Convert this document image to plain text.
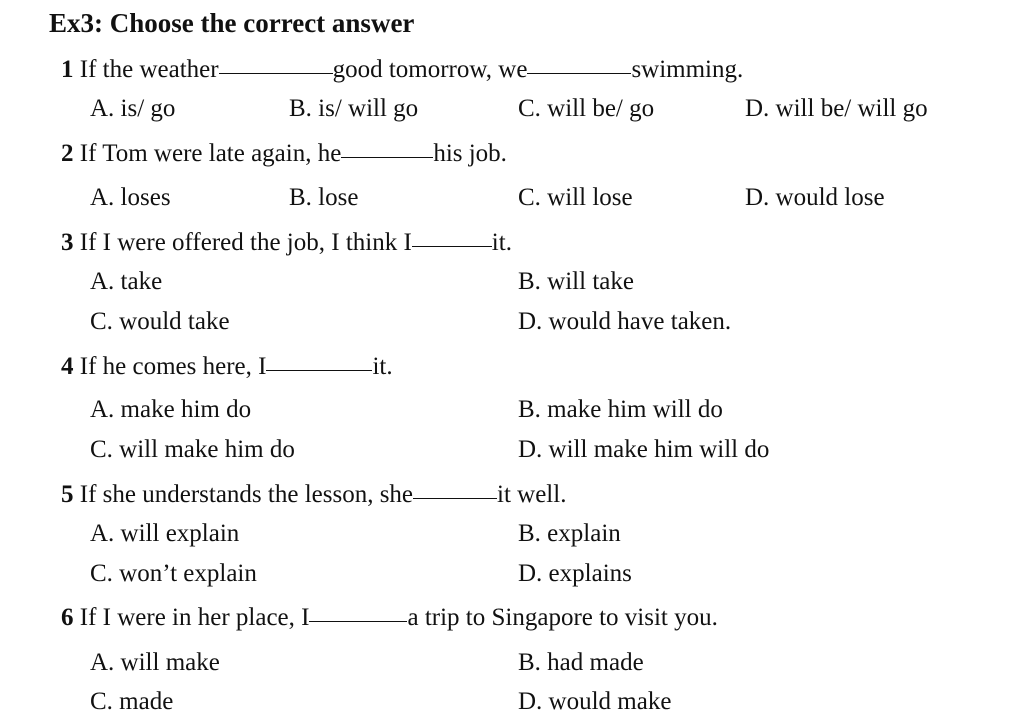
Ex3: Choose the correct answer
1 If the weather	good tomorrow, we	swimming.
A. is/ go	B. is/ will go	C. will be/ go	D. will be/ will go
2 If Tom were late again, he	his job.
A. loses	B. lose	C. will lose	D. would lose
3 If I were offered the job, I think I	it.
A. take	B. will take
C. would take	D. would have taken.
4 If he comes here, I	it.
A. make him do	B. make him will do
C. will make him do	D. will make him will do
5 If she understands the lesson, she	it well.
A. will explain	B. explain
C. won’t explain	D. explains
6 If I were in her place, I	a trip to Singapore to visit you.
A. will make	B. had made
C. made	D. would make
